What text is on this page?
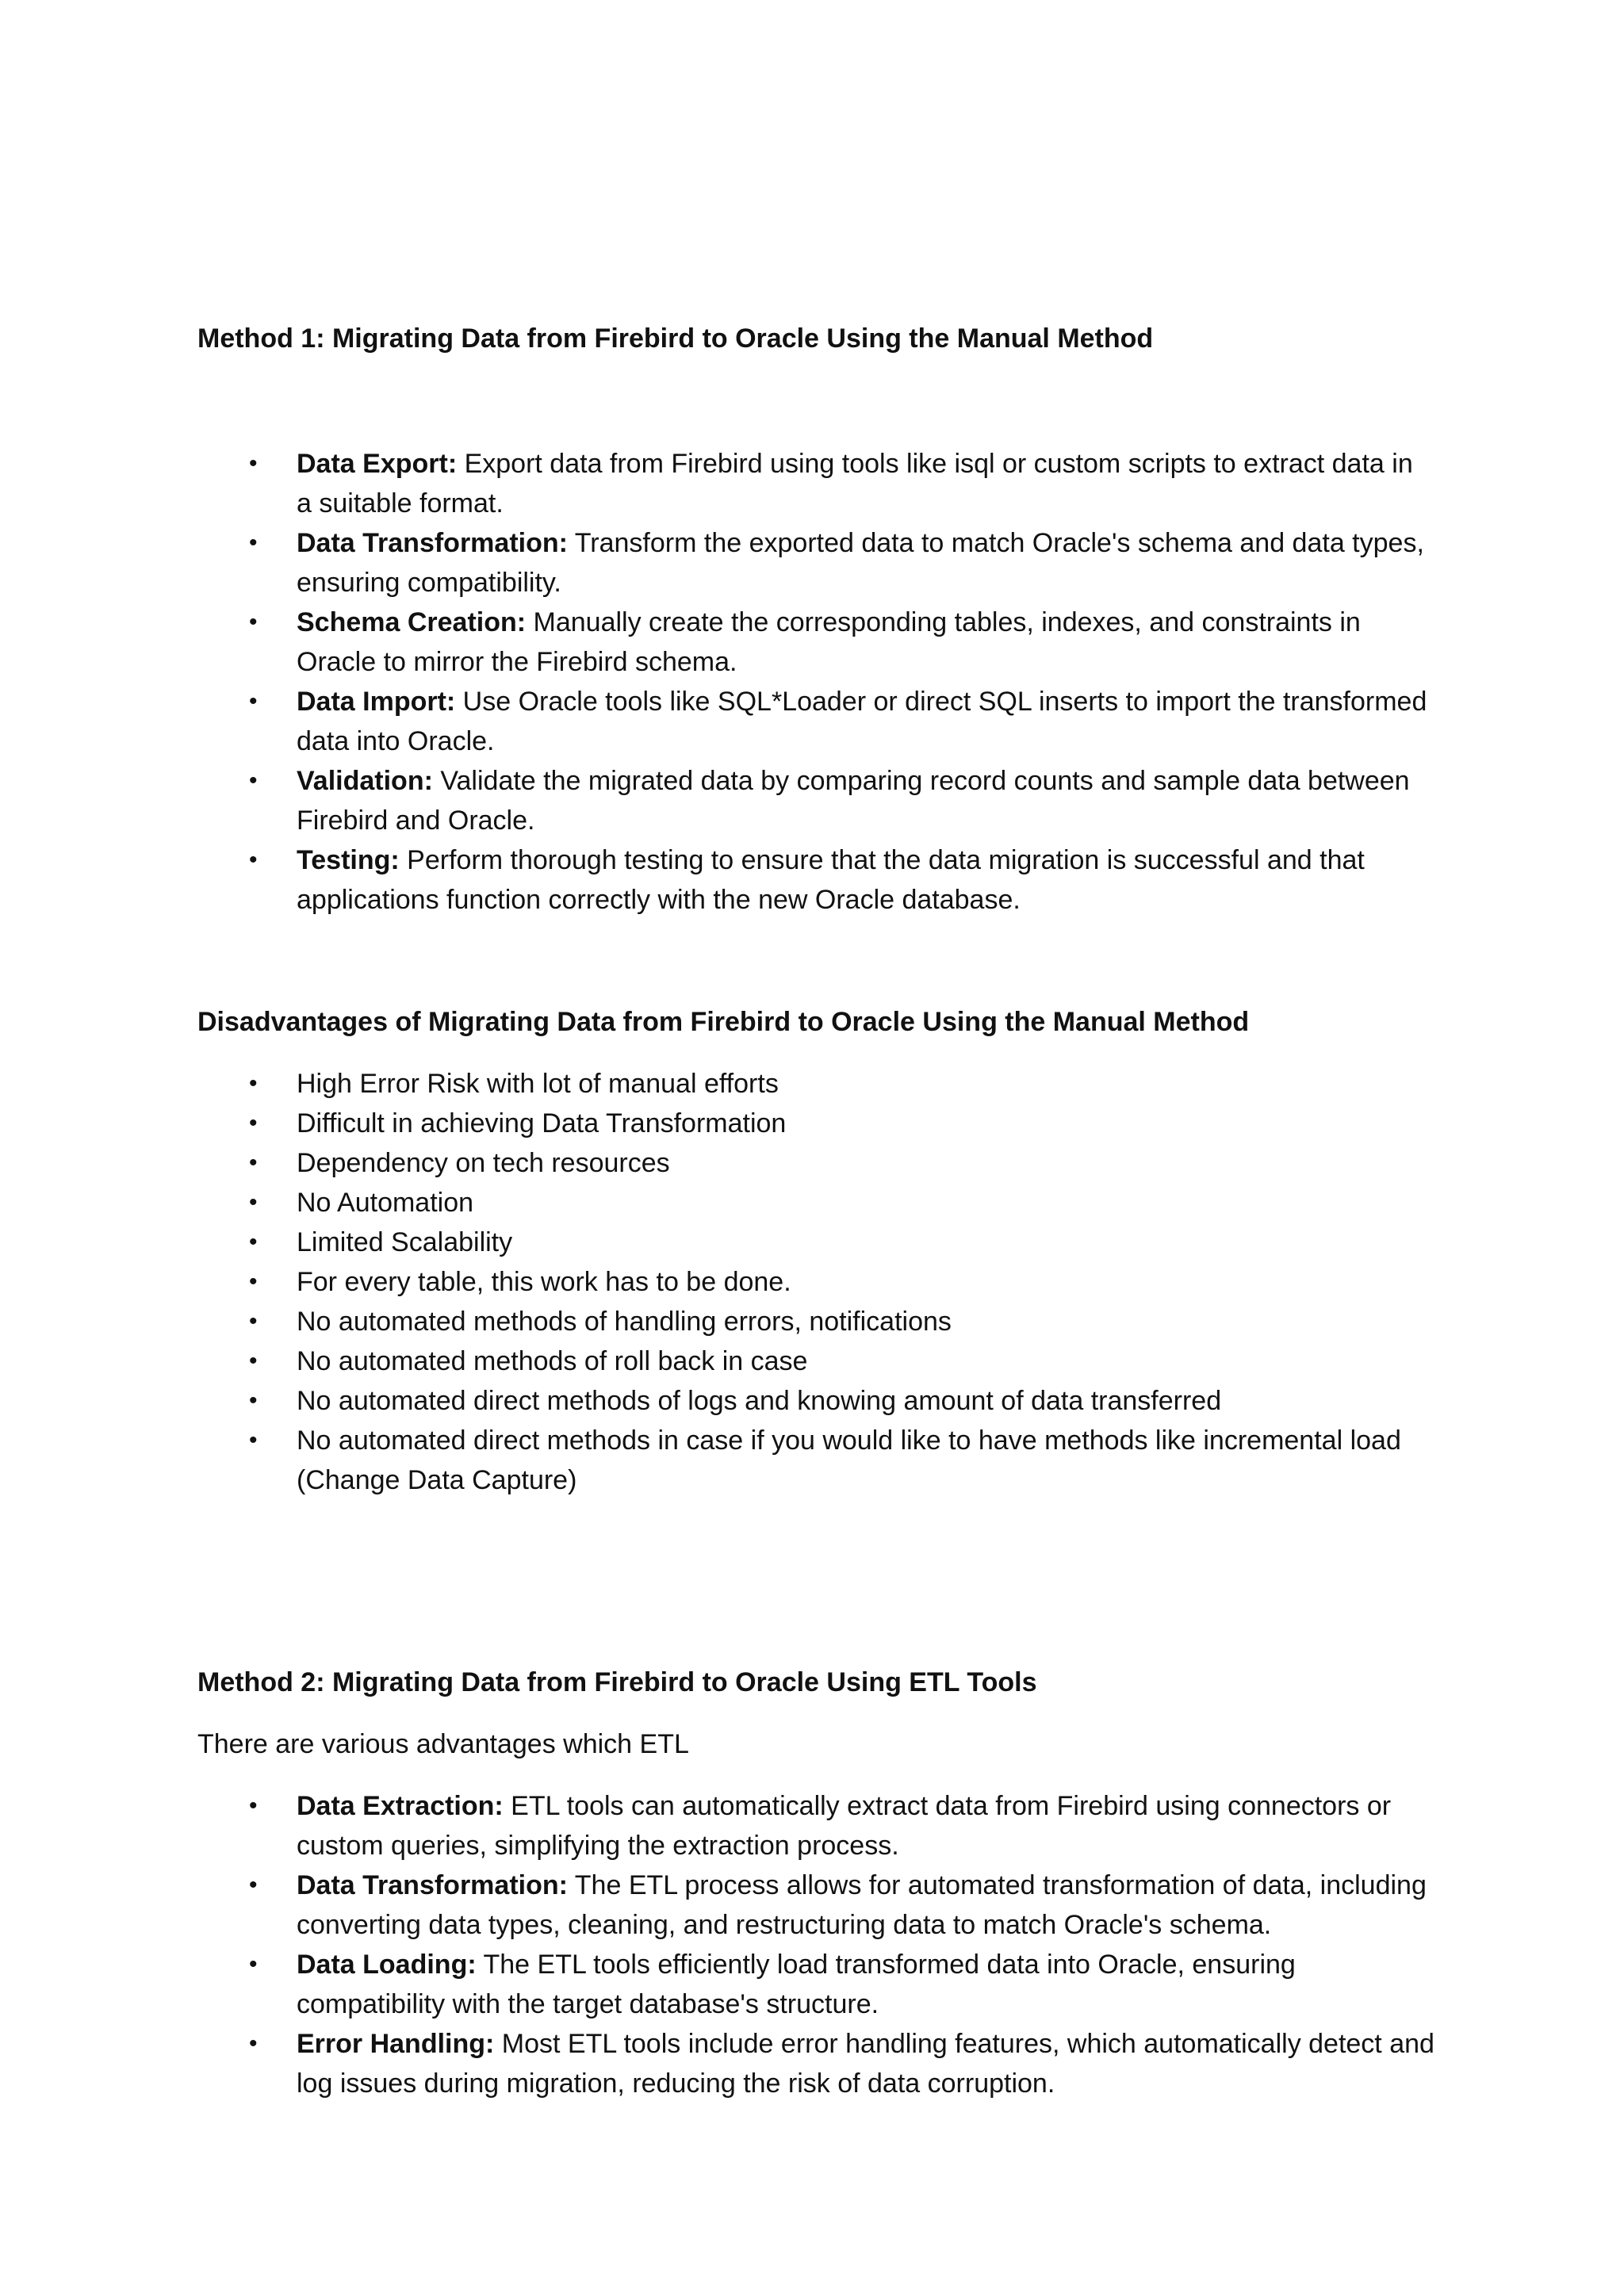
Method 1: Migrating Data from Firebird to Oracle Using the Manual Method

• Data Export: Export data from Firebird using tools like isql or custom scripts to extract data in a suitable format.
• Data Transformation: Transform the exported data to match Oracle's schema and data types, ensuring compatibility.
• Schema Creation: Manually create the corresponding tables, indexes, and constraints in Oracle to mirror the Firebird schema.
• Data Import: Use Oracle tools like SQL*Loader or direct SQL inserts to import the transformed data into Oracle.
• Validation: Validate the migrated data by comparing record counts and sample data between Firebird and Oracle.
• Testing: Perform thorough testing to ensure that the data migration is successful and that applications function correctly with the new Oracle database.

Disadvantages of Migrating Data from Firebird to Oracle Using the Manual Method

• High Error Risk with lot of manual efforts
• Difficult in achieving Data Transformation
• Dependency on tech resources
• No Automation
• Limited Scalability
• For every table, this work has to be done.
• No automated methods of handling errors, notifications
• No automated methods of roll back in case
• No automated direct methods of logs and knowing amount of data transferred
• No automated direct methods in case if you would like to have methods like incremental load (Change Data Capture)

Method 2: Migrating Data from Firebird to Oracle Using ETL Tools

There are various advantages which ETL

• Data Extraction: ETL tools can automatically extract data from Firebird using connectors or custom queries, simplifying the extraction process.
• Data Transformation: The ETL process allows for automated transformation of data, including converting data types, cleaning, and restructuring data to match Oracle's schema.
• Data Loading: The ETL tools efficiently load transformed data into Oracle, ensuring compatibility with the target database's structure.
• Error Handling: Most ETL tools include error handling features, which automatically detect and log issues during migration, reducing the risk of data corruption.
